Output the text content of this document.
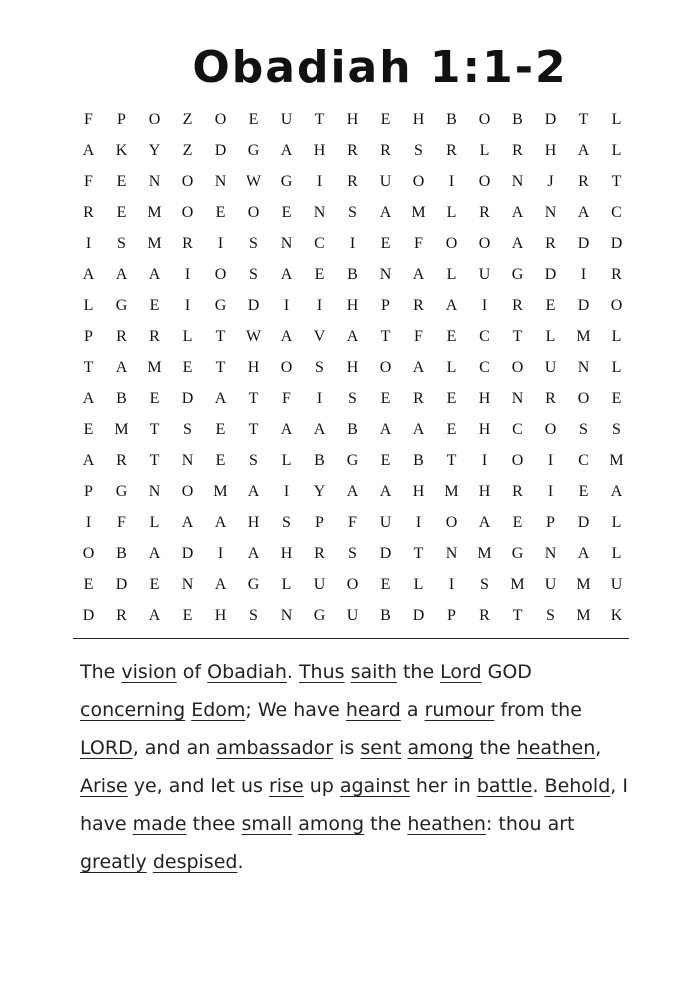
Obadiah 1:1-2
F	P	O	Z	O	E	U	T	H	E	H	B	O	B	D	T	L
A	K	Y	Z	D	G	A	H	R	R	S	R	L	R	H	A	L
F	E	N	O	N	W	G	I	R	U	O	I	O	N	J	R	T
R	E	M	O	E	O	E	N	S	A	M	L	R	A	N	A	C
I	S	M	R	I	S	N	C	I	E	F	O	O	A	R	D	D
A	A	A	I	O	S	A	E	B	N	A	L	U	G	D	I	R
L	G	E	I	G	D	I	I	H	P	R	A	I	R	E	D	O
P	R	R	L	T	W	A	V	A	T	F	E	C	T	L	M	L
T	A	M	E	T	H	O	S	H	O	A	L	C	O	U	N	L
A	B	E	D	A	T	F	I	S	E	R	E	H	N	R	O	E
E	M	T	S	E	T	A	A	B	A	A	E	H	C	O	S	S
A	R	T	N	E	S	L	B	G	E	B	T	I	O	I	C	M
P	G	N	O	M	A	I	Y	A	A	H	M	H	R	I	E	A
I	F	L	A	A	H	S	P	F	U	I	O	A	E	P	D	L
O	B	A	D	I	A	H	R	S	D	T	N	M	G	N	A	L
E	D	E	N	A	G	L	U	O	E	L	I	S	M	U	M	U
D	R	A	E	H	S	N	G	U	B	D	P	R	T	S	M	K
The vision of Obadiah. Thus saith the Lord GOD concerning Edom; We have heard a rumour from the LORD, and an ambassador is sent among the heathen, Arise ye, and let us rise up against her in battle. Behold, I have made thee small among the heathen: thou art greatly despised.
